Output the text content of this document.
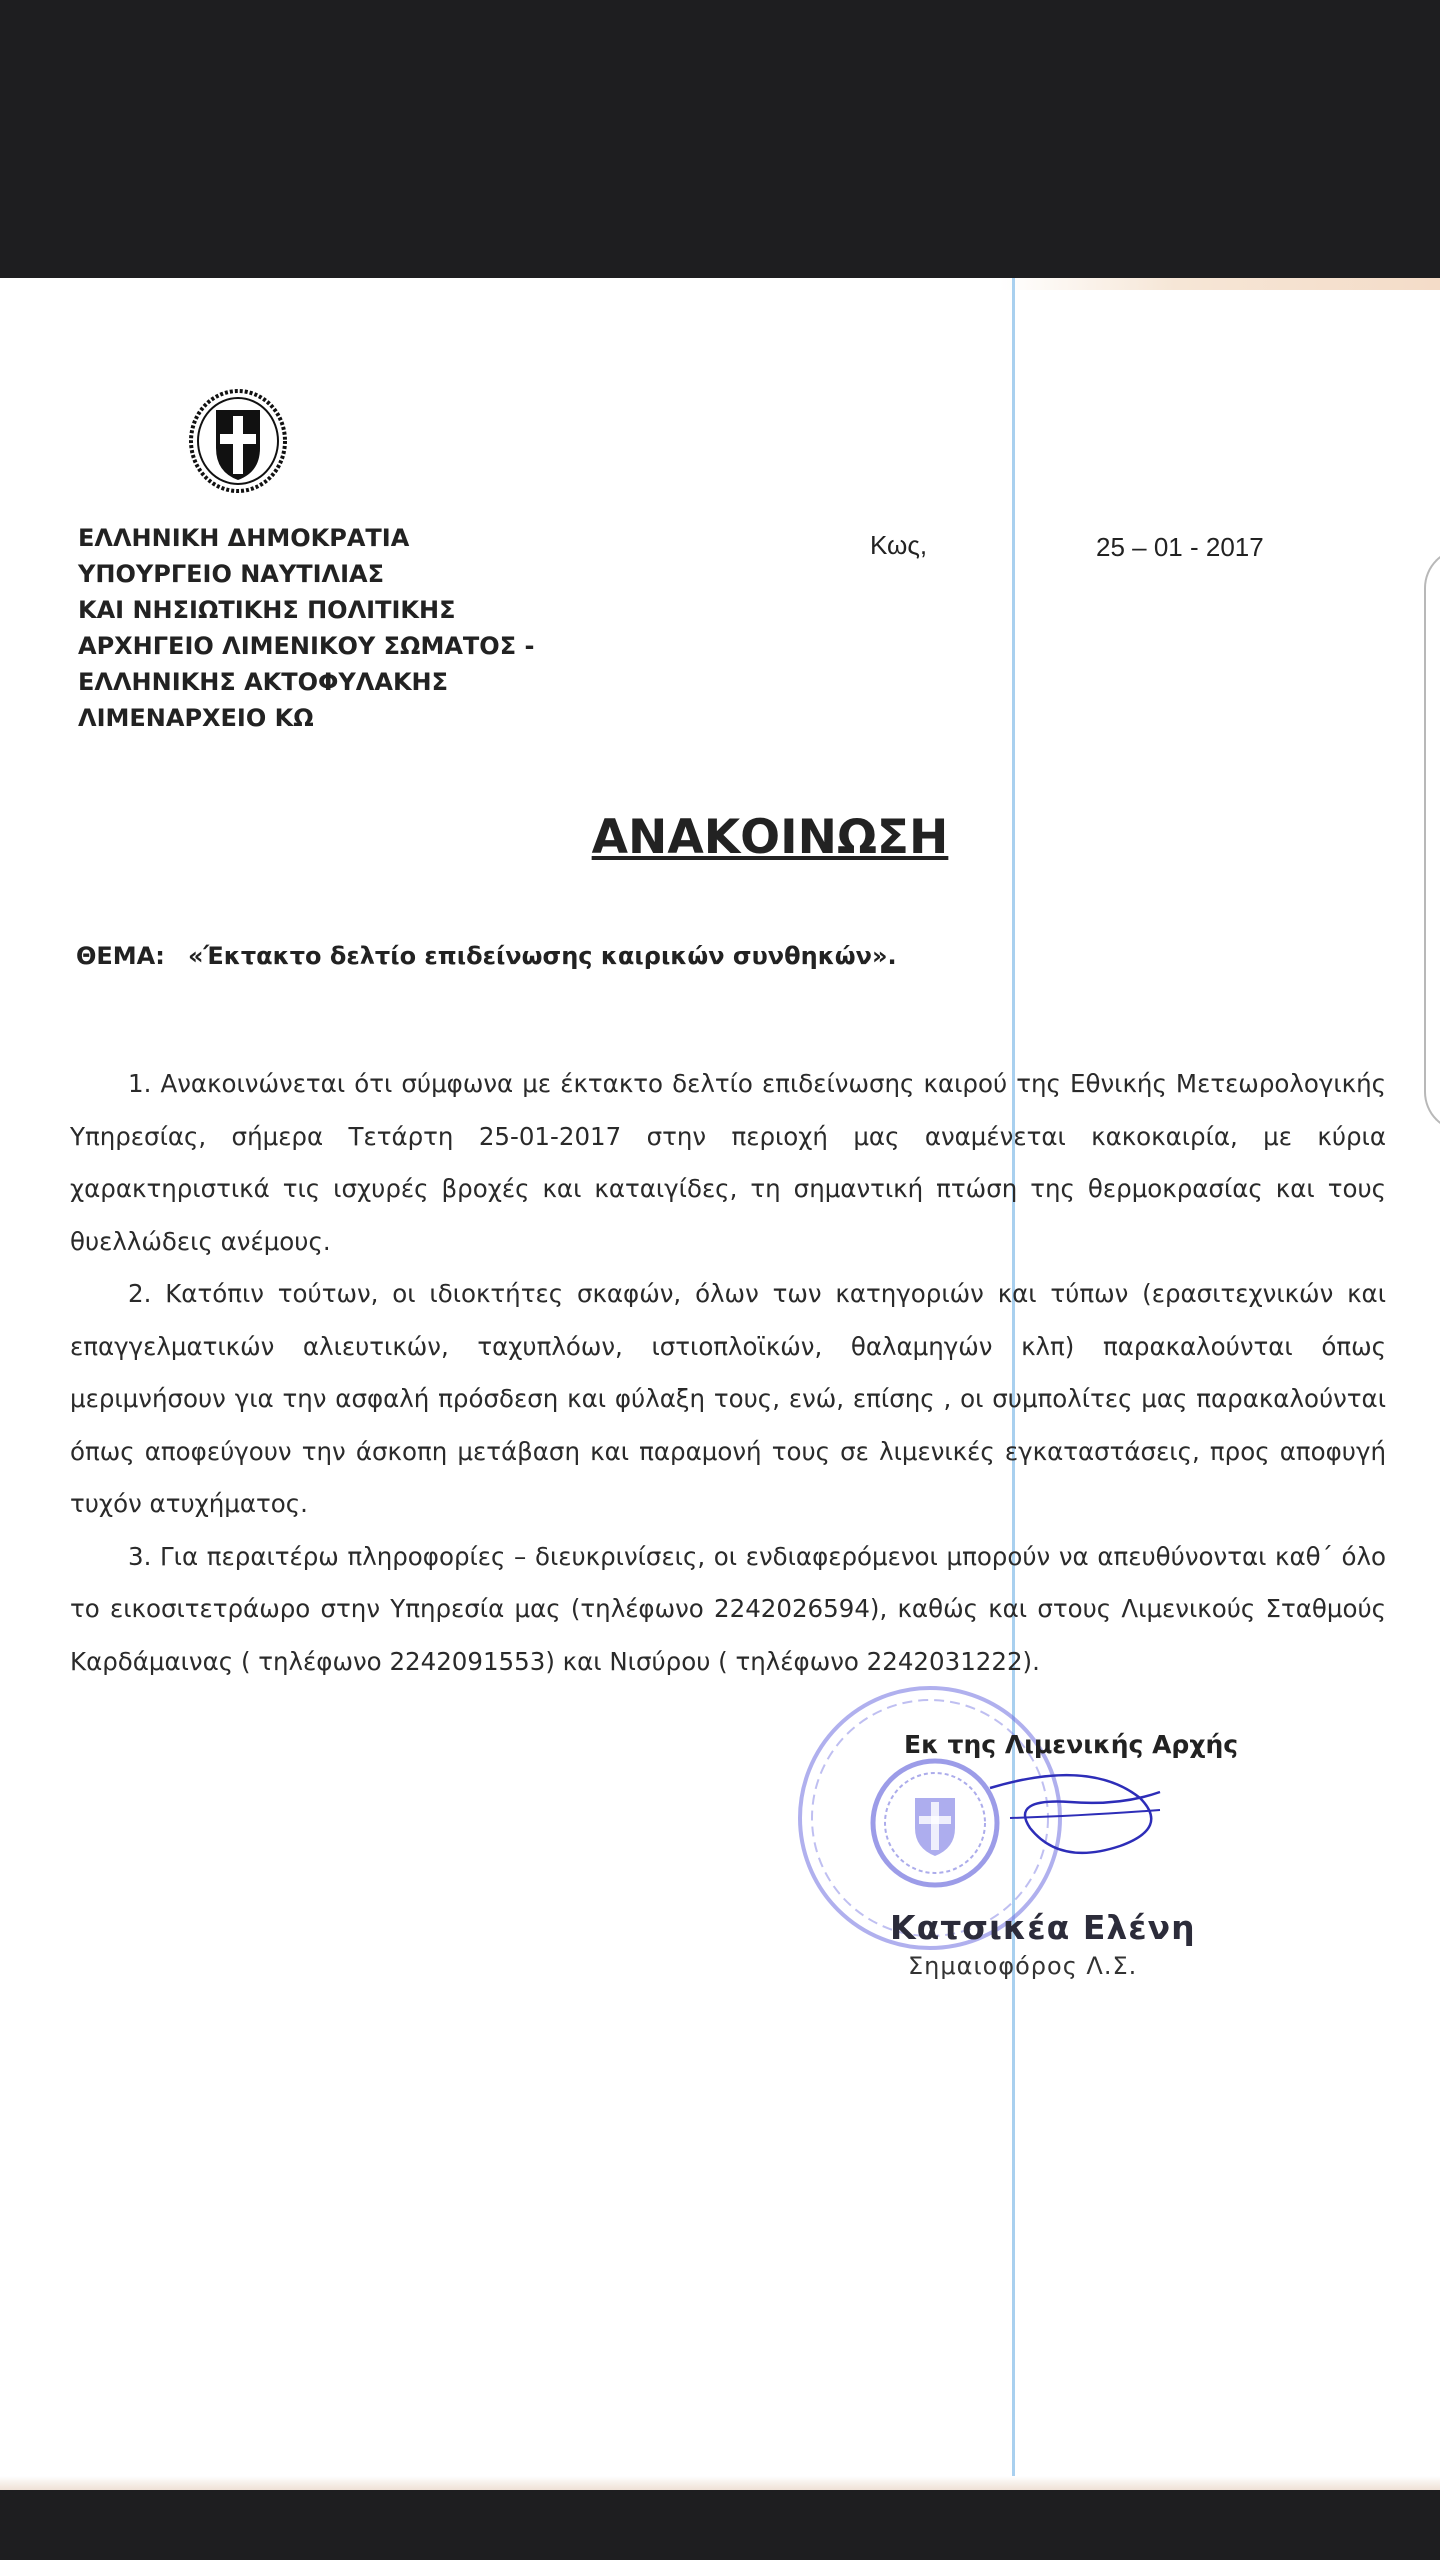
ΕΛΛΗΝΙΚΗ ΔΗΜΟΚΡΑΤΙΑ
ΥΠΟΥΡΓΕΙΟ ΝΑΥΤΙΛΙΑΣ
ΚΑΙ ΝΗΣΙΩΤΙΚΗΣ ΠΟΛΙΤΙΚΗΣ
ΑΡΧΗΓΕΙΟ ΛΙΜΕΝΙΚΟΥ ΣΩΜΑΤΟΣ -
ΕΛΛΗΝΙΚΗΣ ΑΚΤΟΦΥΛΑΚΗΣ
ΛΙΜΕΝΑΡΧΕΙΟ ΚΩ
Κως,	25 – 01 - 2017
ΑΝΑΚΟΙΝΩΣΗ
ΘΕΜΑ: «Έκτακτο δελτίο επιδείνωσης καιρικών συνθηκών».

1. Ανακοινώνεται ότι σύμφωνα με έκτακτο δελτίο επιδείνωσης καιρού της Εθνικής Μετεωρολογικής Υπηρεσίας, σήμερα Τετάρτη 25-01-2017 στην περιοχή μας αναμένεται κακοκαιρία, με κύρια χαρακτηριστικά τις ισχυρές βροχές και καταιγίδες, τη σημαντική πτώση της θερμοκρασίας και τους θυελλώδεις ανέμους.

2. Κατόπιν τούτων, οι ιδιοκτήτες σκαφών, όλων των κατηγοριών και τύπων (ερασιτεχνικών και επαγγελματικών αλιευτικών, ταχυπλόων, ιστιοπλοϊκών, θαλαμηγών κλπ) παρακαλούνται όπως μεριμνήσουν για την ασφαλή πρόσδεση και φύλαξη τους, ενώ, επίσης , οι συμπολίτες μας παρακαλούνται όπως αποφεύγουν την άσκοπη μετάβαση και παραμονή τους σε λιμενικές εγκαταστάσεις, προς αποφυγή τυχόν ατυχήματος.

3. Για περαιτέρω πληροφορίες – διευκρινίσεις, οι ενδιαφερόμενοι μπορούν να απευθύνονται καθ΄ όλο το εικοσιτετράωρο στην Υπηρεσία μας (τηλέφωνο 2242026594), καθώς και στους Λιμενικούς Σταθμούς Καρδάμαινας ( τηλέφωνο 2242091553) και Νισύρου ( τηλέφωνο 2242031222).

Εκ της Λιμενικής Αρχής
Κατσικέα Ελένη
Σημαιοφόρος Λ.Σ.
